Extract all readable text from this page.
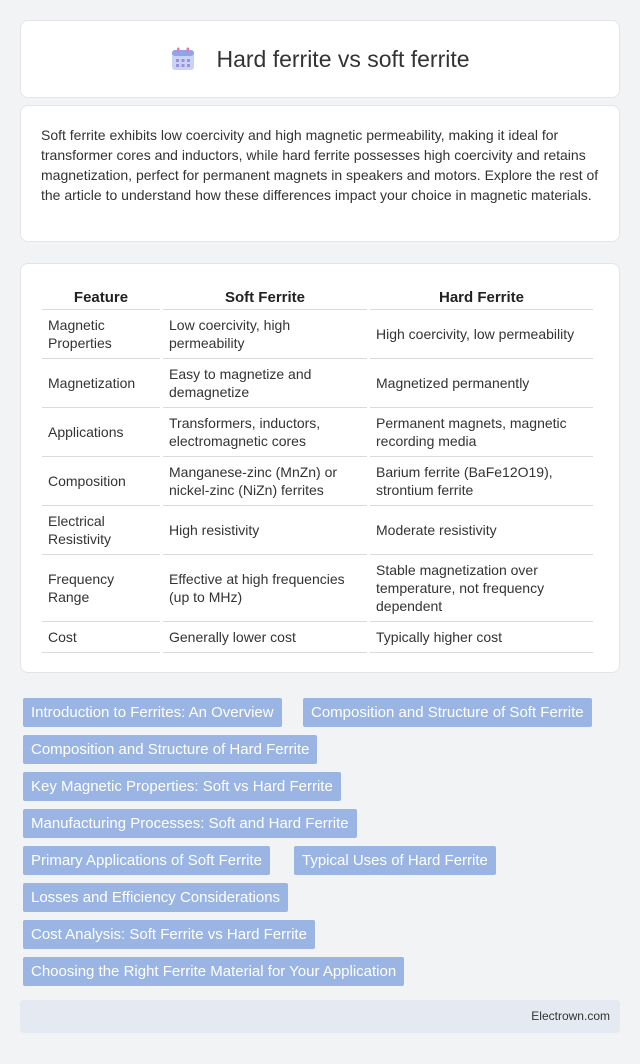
Hard ferrite vs soft ferrite

Soft ferrite exhibits low coercivity and high magnetic permeability, making it ideal for transformer cores and inductors, while hard ferrite possesses high coercivity and retains magnetization, perfect for permanent magnets in speakers and motors. Explore the rest of the article to understand how these differences impact your choice in magnetic materials.

Feature	Soft Ferrite	Hard Ferrite
Magnetic Properties	Low coercivity, high permeability	High coercivity, low permeability
Magnetization	Easy to magnetize and demagnetize	Magnetized permanently
Applications	Transformers, inductors, electromagnetic cores	Permanent magnets, magnetic recording media
Composition	Manganese-zinc (MnZn) or nickel-zinc (NiZn) ferrites	Barium ferrite (BaFe12O19), strontium ferrite
Electrical Resistivity	High resistivity	Moderate resistivity
Frequency Range	Effective at high frequencies (up to MHz)	Stable magnetization over temperature, not frequency dependent
Cost	Generally lower cost	Typically higher cost
Introduction to Ferrites: An Overview	Composition and Structure of Soft Ferrite
Composition and Structure of Hard Ferrite
Key Magnetic Properties: Soft vs Hard Ferrite
Manufacturing Processes: Soft and Hard Ferrite
Primary Applications of Soft Ferrite	Typical Uses of Hard Ferrite
Losses and Efficiency Considerations
Cost Analysis: Soft Ferrite vs Hard Ferrite
Choosing the Right Ferrite Material for Your Application
Electrown.com
